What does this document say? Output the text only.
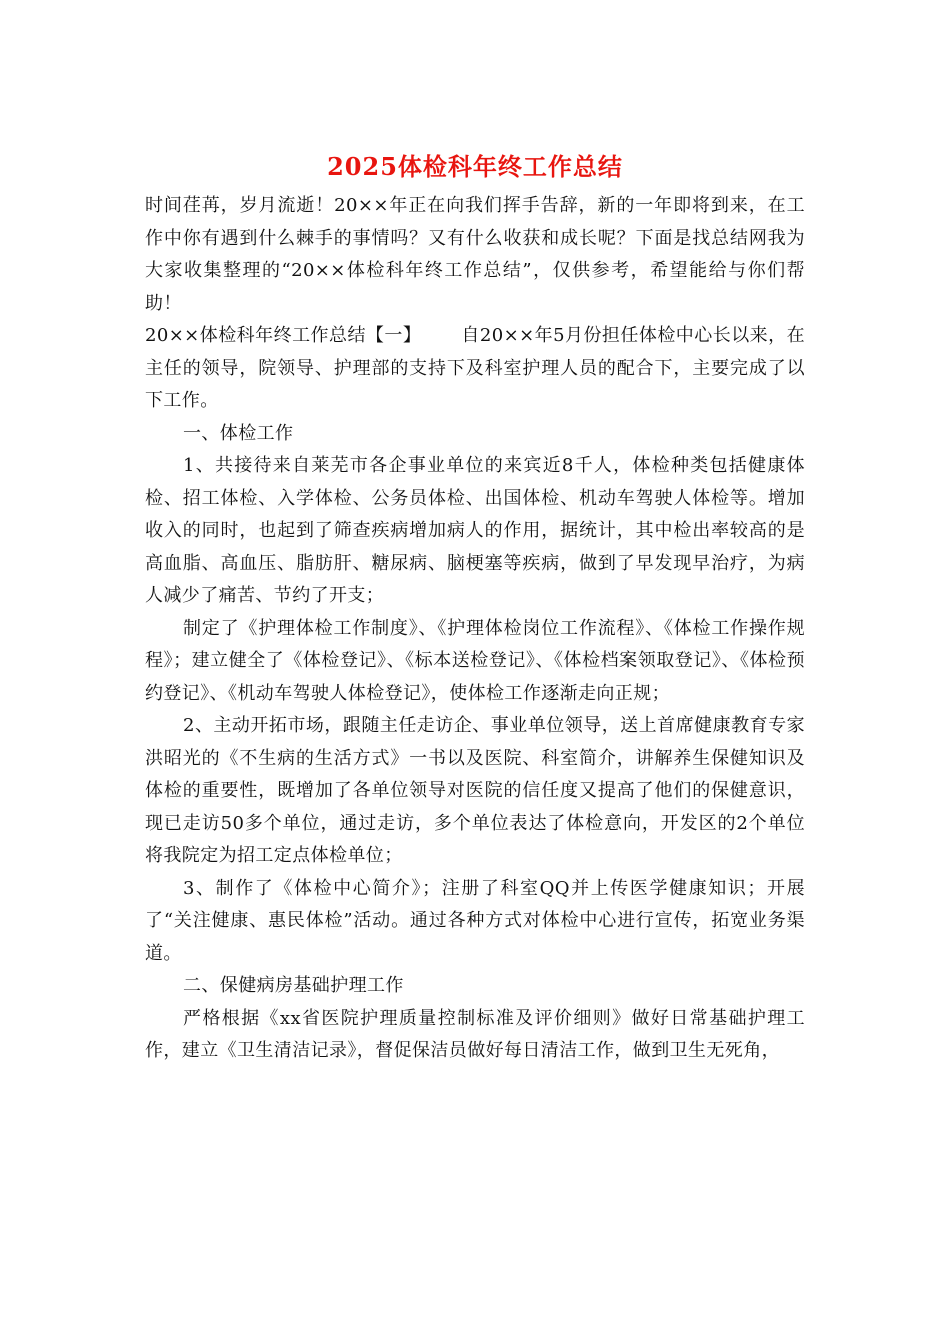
2025体检科年终工作总结

时间荏苒，岁月流逝！20××年正在向我们挥手告辞，新的一年即将到来，在工作中你有遇到什么棘手的事情吗？又有什么收获和成长呢？下面是找总结网我为大家收集整理的“20××体检科年终工作总结”，仅供参考，希望能给与你们帮助！

20××体检科年终工作总结【一】 自20××年5月份担任体检中心长以来，在主任的领导，院领导、护理部的支持下及科室护理人员的配合下，主要完成了以下工作。

一、体检工作

1、共接待来自莱芜市各企事业单位的来宾近8千人，体检种类包括健康体检、招工体检、入学体检、公务员体检、出国体检、机动车驾驶人体检等。增加收入的同时，也起到了筛查疾病增加病人的作用，据统计，其中检出率较高的是高血脂、高血压、脂肪肝、糖尿病、脑梗塞等疾病，做到了早发现早治疗，为病人减少了痛苦、节约了开支；

制定了《护理体检工作制度》、《护理体检岗位工作流程》、《体检工作操作规程》；建立健全了《体检登记》、《标本送检登记》、《体检档案领取登记》、《体检预约登记》、《机动车驾驶人体检登记》，使体检工作逐渐走向正规；

2、主动开拓市场，跟随主任走访企、事业单位领导，送上首席健康教育专家洪昭光的《不生病的生活方式》一书以及医院、科室简介，讲解养生保健知识及体检的重要性，既增加了各单位领导对医院的信任度又提高了他们的保健意识，现已走访50多个单位，通过走访，多个单位表达了体检意向，开发区的2个单位将我院定为招工定点体检单位；

3、制作了《体检中心简介》；注册了科室QQ并上传医学健康知识；开展了“关注健康、惠民体检”活动。通过各种方式对体检中心进行宣传，拓宽业务渠道。

二、保健病房基础护理工作

严格根据《xx省医院护理质量控制标准及评价细则》做好日常基础护理工作，建立《卫生清洁记录》，督促保洁员做好每日清洁工作，做到卫生无死角，
